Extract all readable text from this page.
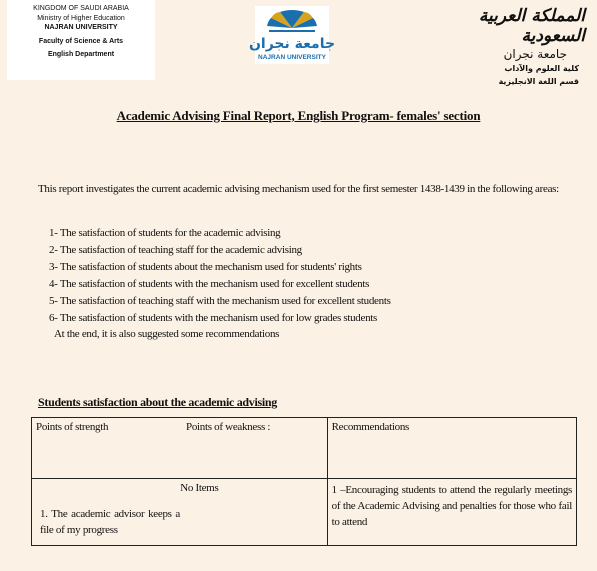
KINGDOM OF SAUDI ARABIA
Ministry of Higher Education
NAJRAN UNIVERSITY
Faculty of Science & Arts
English Department
جامعة نجران
NAJRAN UNIVERSITY
المملكة العربية السعودية
جامعة نجران
كلية العلوم والآداب
قسم اللغة الانجليزية
Academic Advising Final Report, English Program- females' section
This report investigates the current academic advising mechanism used for the first semester 1438-1439 in the following areas:
1- The satisfaction of students for the academic advising
2- The satisfaction of teaching staff for the academic advising
3- The satisfaction of students about the mechanism used for students' rights
4- The satisfaction of students with the mechanism used for excellent students
5- The satisfaction of teaching staff with the mechanism used for excellent students
6- The satisfaction of students with the mechanism used for low grades students
At the end, it is also suggested some recommendations
Students satisfaction about the academic advising
Points of strength Points of weakness :	Recommendations

No Items
1. The academic advisor keeps a file of my progress	1 –Encouraging students to attend the regularly meetings of the Academic Advising and penalties for those who fail to attend
